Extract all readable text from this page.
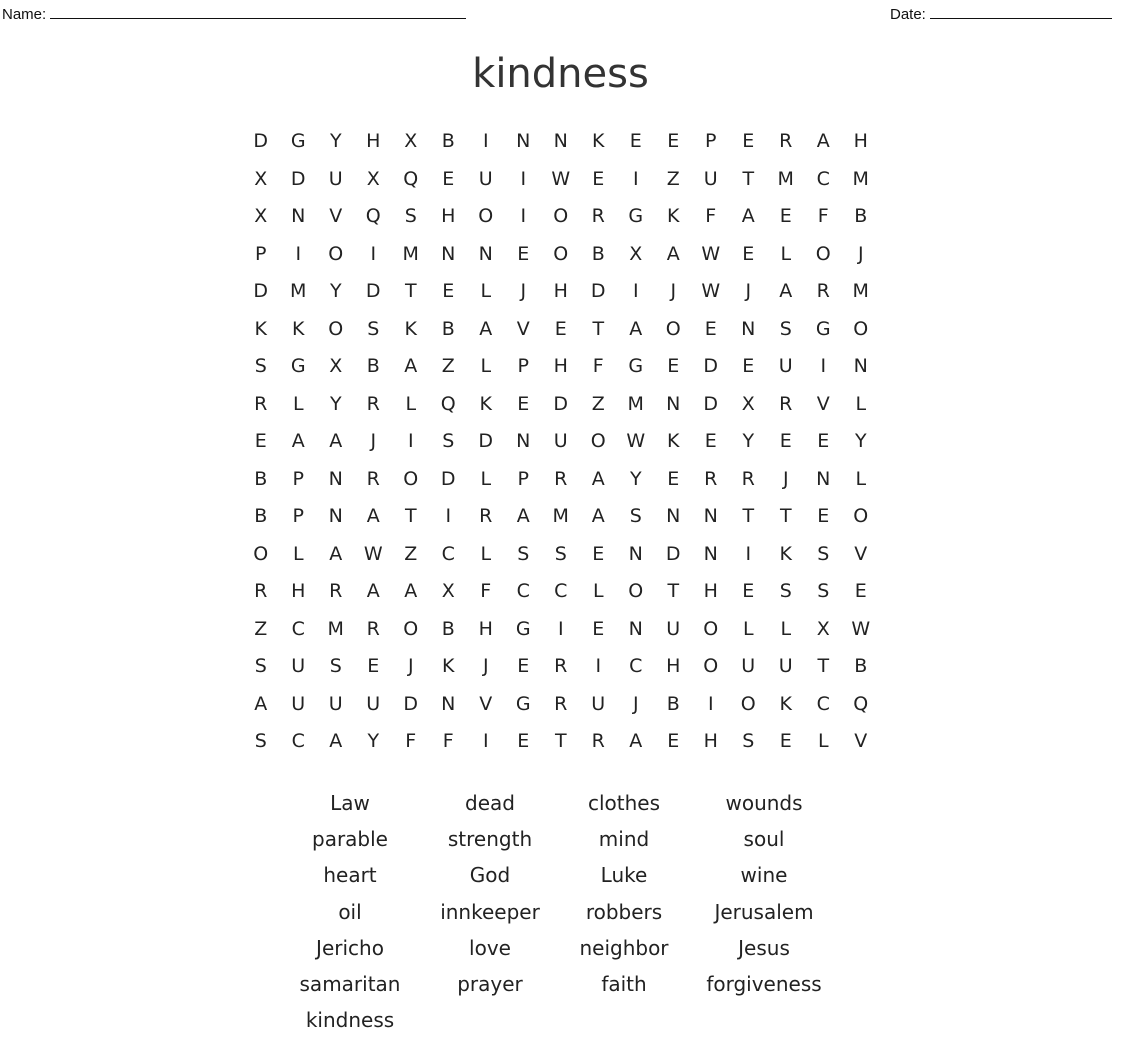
Name:	Date:
kindness
D	G	Y	H	X	B	I	N	N	K	E	E	P	E	R	A	H
X	D	U	X	Q	E	U	I	W	E	I	Z	U	T	M	C	M
X	N	V	Q	S	H	O	I	O	R	G	K	F	A	E	F	B
P	I	O	I	M	N	N	E	O	B	X	A	W	E	L	O	J
D	M	Y	D	T	E	L	J	H	D	I	J	W	J	A	R	M
K	K	O	S	K	B	A	V	E	T	A	O	E	N	S	G	O
S	G	X	B	A	Z	L	P	H	F	G	E	D	E	U	I	N
R	L	Y	R	L	Q	K	E	D	Z	M	N	D	X	R	V	L
E	A	A	J	I	S	D	N	U	O	W	K	E	Y	E	E	Y
B	P	N	R	O	D	L	P	R	A	Y	E	R	R	J	N	L
B	P	N	A	T	I	R	A	M	A	S	N	N	T	T	E	O
O	L	A	W	Z	C	L	S	S	E	N	D	N	I	K	S	V
R	H	R	A	A	X	F	C	C	L	O	T	H	E	S	S	E
Z	C	M	R	O	B	H	G	I	E	N	U	O	L	L	X	W
S	U	S	E	J	K	J	E	R	I	C	H	O	U	U	T	B
A	U	U	U	D	N	V	G	R	U	J	B	I	O	K	C	Q
S	C	A	Y	F	F	I	E	T	R	A	E	H	S	E	L	V
Law	dead	clothes	wounds
parable	strength	mind	soul
heart	God	Luke	wine
oil	innkeeper	robbers	Jerusalem
Jericho	love	neighbor	Jesus
samaritan	prayer	faith	forgiveness
kindness
